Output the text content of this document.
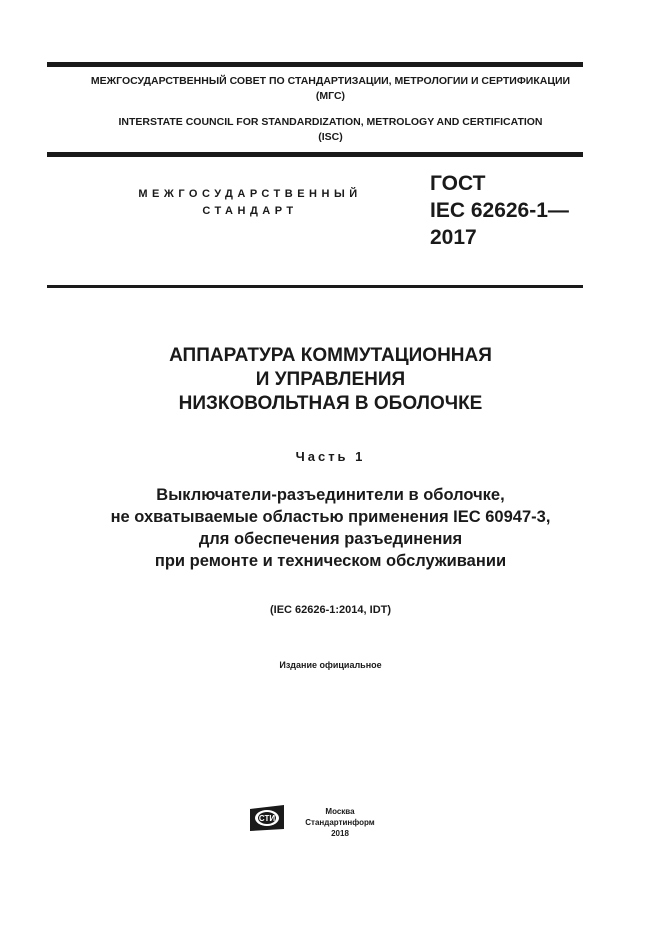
МЕЖГОСУДАРСТВЕННЫЙ СОВЕТ ПО СТАНДАРТИЗАЦИИ, МЕТРОЛОГИИ И СЕРТИФИКАЦИИ
(МГС)
INTERSTATE COUNCIL FOR STANDARDIZATION, METROLOGY AND CERTIFICATION
(ISC)
МЕЖГОСУДАРСТВЕННЫЙ
СТАНДАРТ
ГОСТ
IEC 62626-1—
2017
АППАРАТУРА КОММУТАЦИОННАЯ
И УПРАВЛЕНИЯ
НИЗКОВОЛЬТНАЯ В ОБОЛОЧКЕ
Часть 1
Выключатели-разъединители в оболочке,
не охватываемые областью применения IEC 60947-3,
для обеспечения разъединения
при ремонте и техническом обслуживании
(IEC 62626-1:2014, IDT)
Издание официальное
СТИ
Москва
Стандартинформ
2018
